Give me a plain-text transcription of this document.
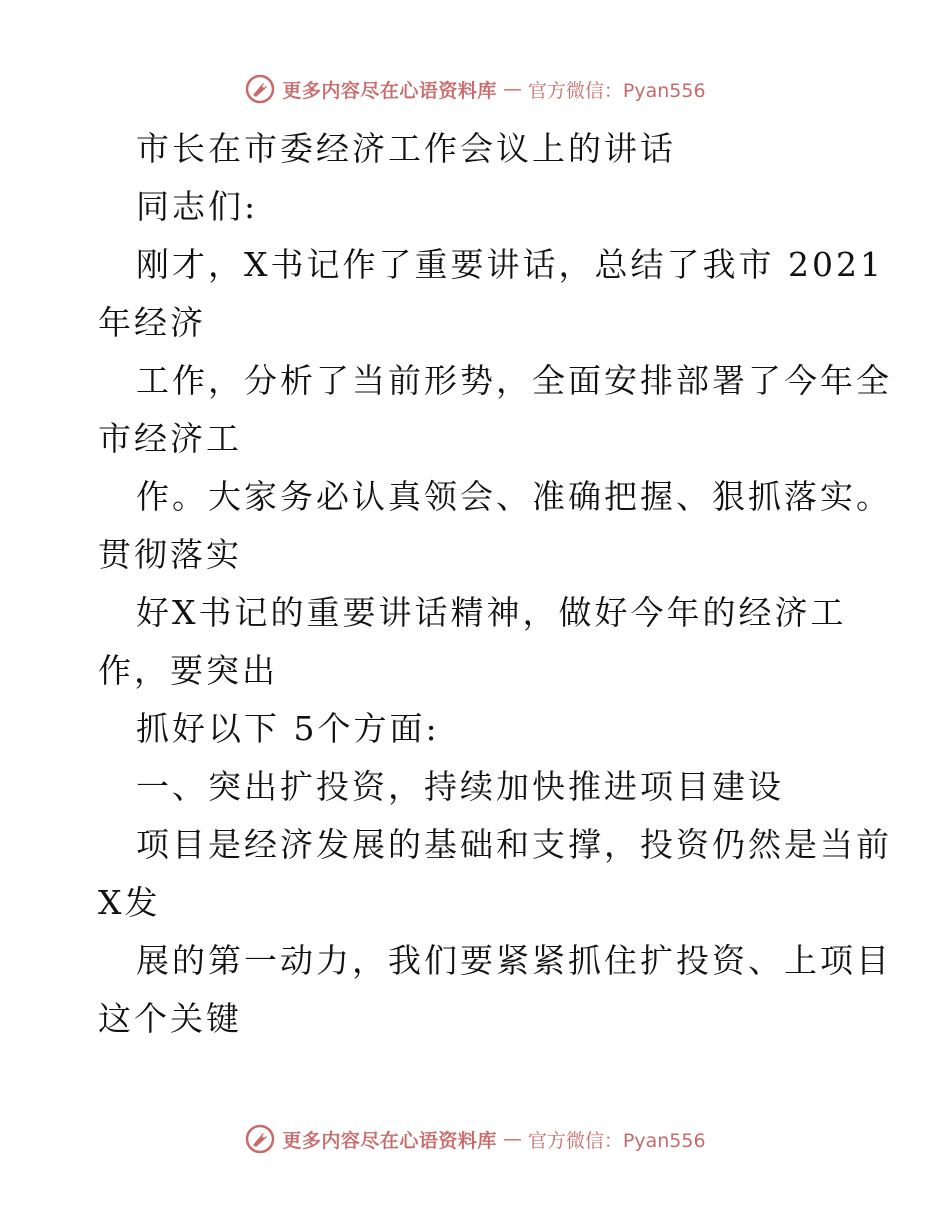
更多内容尽在心语资料库 — 官方微信：Pyan556
市长在市委经济工作会议上的讲话
同志们:
刚才，X书记作了重要讲话，总结了我市 2021
年经济
工作，分析了当前形势，全面安排部署了今年全
市经济工
作。大家务必认真领会、准确把握、狠抓落实。
贯彻落实
好X书记的重要讲话精神，做好今年的经济工
作，要突出
抓好以下 5个方面:
一、突出扩投资，持续加快推进项目建设
项目是经济发展的基础和支撑，投资仍然是当前
X发
展的第一动力，我们要紧紧抓住扩投资、上项目
这个关键
更多内容尽在心语资料库 — 官方微信：Pyan556
